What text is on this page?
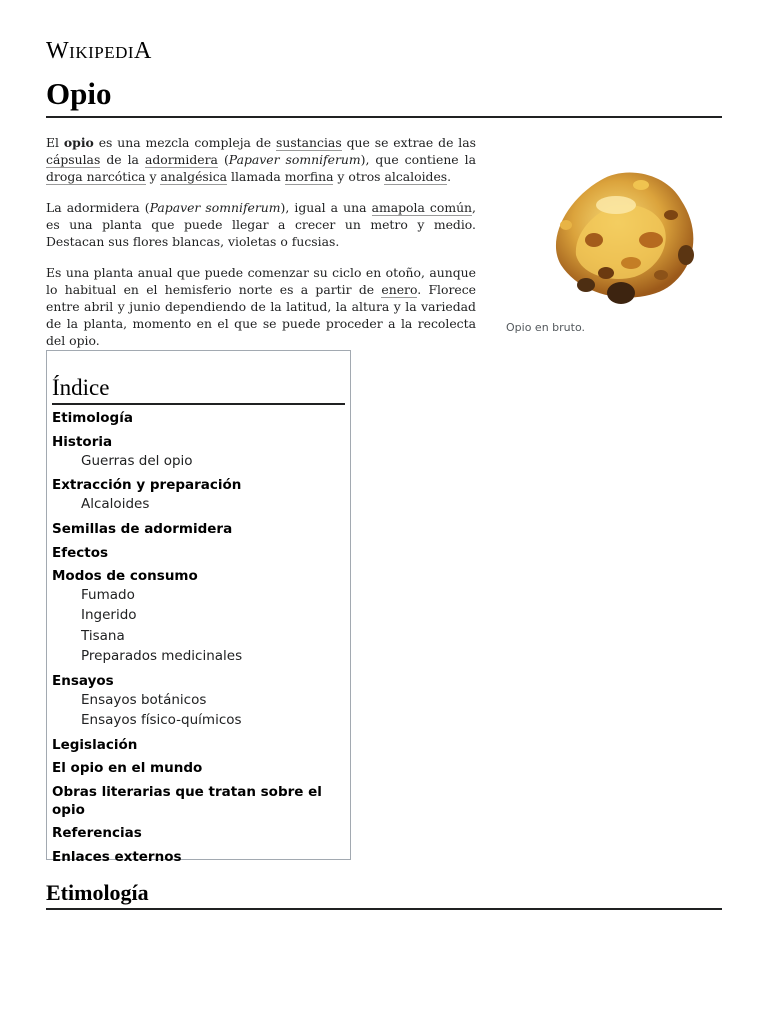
WIKIPEDIA
Opio

El opio es una mezcla compleja de sustancias que se extrae de las cápsulas de la adormidera (Papaver somniferum), que contiene la droga narcótica y analgésica llamada morfina y otros alcaloides.

La adormidera (Papaver somniferum), igual a una amapola común, es una planta que puede llegar a crecer un metro y medio. Destacan sus flores blancas, violetas o fucsias.

Es una planta anual que puede comenzar su ciclo en otoño, aunque lo habitual en el hemisferio norte es a partir de enero. Florece entre abril y junio dependiendo de la latitud, la altura y la variedad de la planta, momento en el que se puede proceder a la recolecta del opio.

Opio en bruto.
Índice
Etimología
Historia
Guerras del opio
Extracción y preparación
Alcaloides
Semillas de adormidera
Efectos
Modos de consumo
Fumado
Ingerido
Tisana
Preparados medicinales
Ensayos
Ensayos botánicos
Ensayos físico-químicos
Legislación
El opio en el mundo
Obras literarias que tratan sobre el opio
Referencias
Enlaces externos
Etimología
